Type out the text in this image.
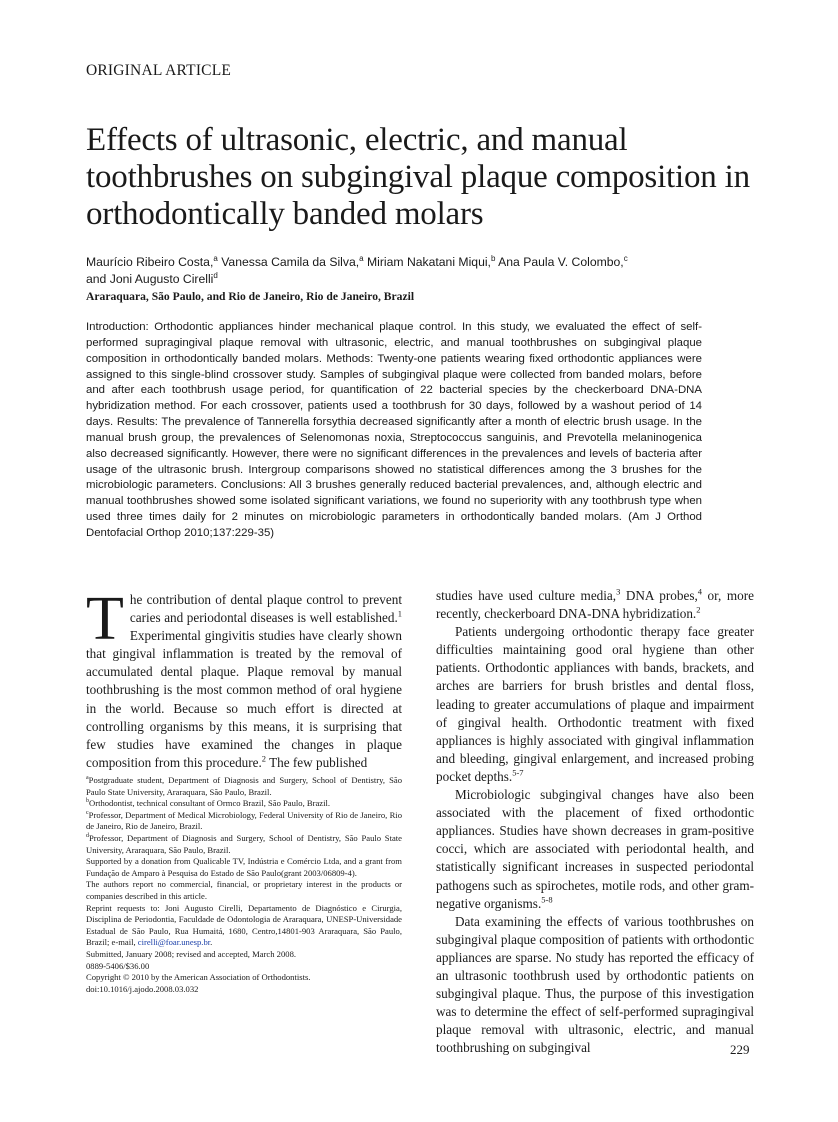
ORIGINAL ARTICLE
Effects of ultrasonic, electric, and manual toothbrushes on subgingival plaque composition in orthodontically banded molars
Maurício Ribeiro Costa,$^a$ Vanessa Camila da Silva,$^a$ Miriam Nakatani Miqui,$^b$ Ana Paula V. Colombo,$^c$
and Joni Augusto Cirelli$^d$
Araraquara, São Paulo, and Rio de Janeiro, Rio de Janeiro, Brazil
Introduction: Orthodontic appliances hinder mechanical plaque control. In this study, we evaluated the effect of self-performed supragingival plaque removal with ultrasonic, electric, and manual toothbrushes on subgingival plaque composition in orthodontically banded molars. Methods: Twenty-one patients wearing fixed orthodontic appliances were assigned to this single-blind crossover study. Samples of subgingival plaque were collected from banded molars, before and after each toothbrush usage period, for quantification of 22 bacterial species by the checkerboard DNA-DNA hybridization method. For each crossover, patients used a toothbrush for 30 days, followed by a washout period of 14 days. Results: The prevalence of Tannerella forsythia decreased significantly after a month of electric brush usage. In the manual brush group, the prevalences of Selenomonas noxia, Streptococcus sanguinis, and Prevotella melaninogenica also decreased significantly. However, there were no significant differences in the prevalences and levels of bacteria after usage of the ultrasonic brush. Intergroup comparisons showed no statistical differences among the 3 brushes for the microbiologic parameters. Conclusions: All 3 brushes generally reduced bacterial prevalences, and, although electric and manual toothbrushes showed some isolated significant variations, we found no superiority with any toothbrush type when used three times daily for 2 minutes on microbiologic parameters in orthodontically banded molars. (Am J Orthod Dentofacial Orthop 2010;137:229-35)

The contribution of dental plaque control to prevent caries and periodontal diseases is well established.$^1$ Experimental gingivitis studies have clearly shown that gingival inflammation is treated by the removal of accumulated dental plaque. Plaque removal by manual toothbrushing is the most common method of oral hygiene in the world. Because so much effort is directed at controlling organisms by this means, it is surprising that few studies have examined the changes in plaque composition from this procedure.$^2$ The few published

$^a$Postgraduate student, Department of Diagnosis and Surgery, School of Dentistry, São Paulo State University, Araraquara, São Paulo, Brazil.

$^b$Orthodontist, technical consultant of Ormco Brazil, São Paulo, Brazil.

$^c$Professor, Department of Medical Microbiology, Federal University of Rio de Janeiro, Rio de Janeiro, Rio de Janeiro, Brazil.

$^d$Professor, Department of Diagnosis and Surgery, School of Dentistry, São Paulo State University, Araraquara, São Paulo, Brazil.

Supported by a donation from Qualicable TV, Indústria e Comércio Ltda, and a grant from Fundação de Amparo à Pesquisa do Estado de São Paulo(grant 2003/06809-4).

The authors report no commercial, financial, or proprietary interest in the products or companies described in this article.

Reprint requests to: Joni Augusto Cirelli, Departamento de Diagnóstico e Cirurgia, Disciplina de Periodontia, Faculdade de Odontologia de Araraquara, UNESP-Universidade Estadual de São Paulo, Rua Humaitá, 1680, Centro,14801-903 Araraquara, São Paulo, Brazil; e-mail, cirelli@foar.unesp.br.

Submitted, January 2008; revised and accepted, March 2008.

0889-5406/$36.00

Copyright © 2010 by the American Association of Orthodontists.

doi:10.1016/j.ajodo.2008.03.032

studies have used culture media,$^3$ DNA probes,$^4$ or, more recently, checkerboard DNA-DNA hybridization.$^2$

Patients undergoing orthodontic therapy face greater difficulties maintaining good oral hygiene than other patients. Orthodontic appliances with bands, brackets, and arches are barriers for brush bristles and dental floss, leading to greater accumulations of plaque and impairment of gingival health. Orthodontic treatment with fixed appliances is highly associated with gingival inflammation and bleeding, gingival enlargement, and increased probing pocket depths.$^{5-7}$

Microbiologic subgingival changes have also been associated with the placement of fixed orthodontic appliances. Studies have shown decreases in gram-positive cocci, which are associated with periodontal health, and statistically significant increases in suspected periodontal pathogens such as spirochetes, motile rods, and other gram-negative organisms.$^{5-8}$

Data examining the effects of various toothbrushes on subgingival plaque composition of patients with orthodontic appliances are sparse. No study has reported the efficacy of an ultrasonic toothbrush used by orthodontic patients on subgingival plaque. Thus, the purpose of this investigation was to determine the effect of self-performed supragingival plaque removal with ultrasonic, electric, and manual toothbrushing on subgingival	229
